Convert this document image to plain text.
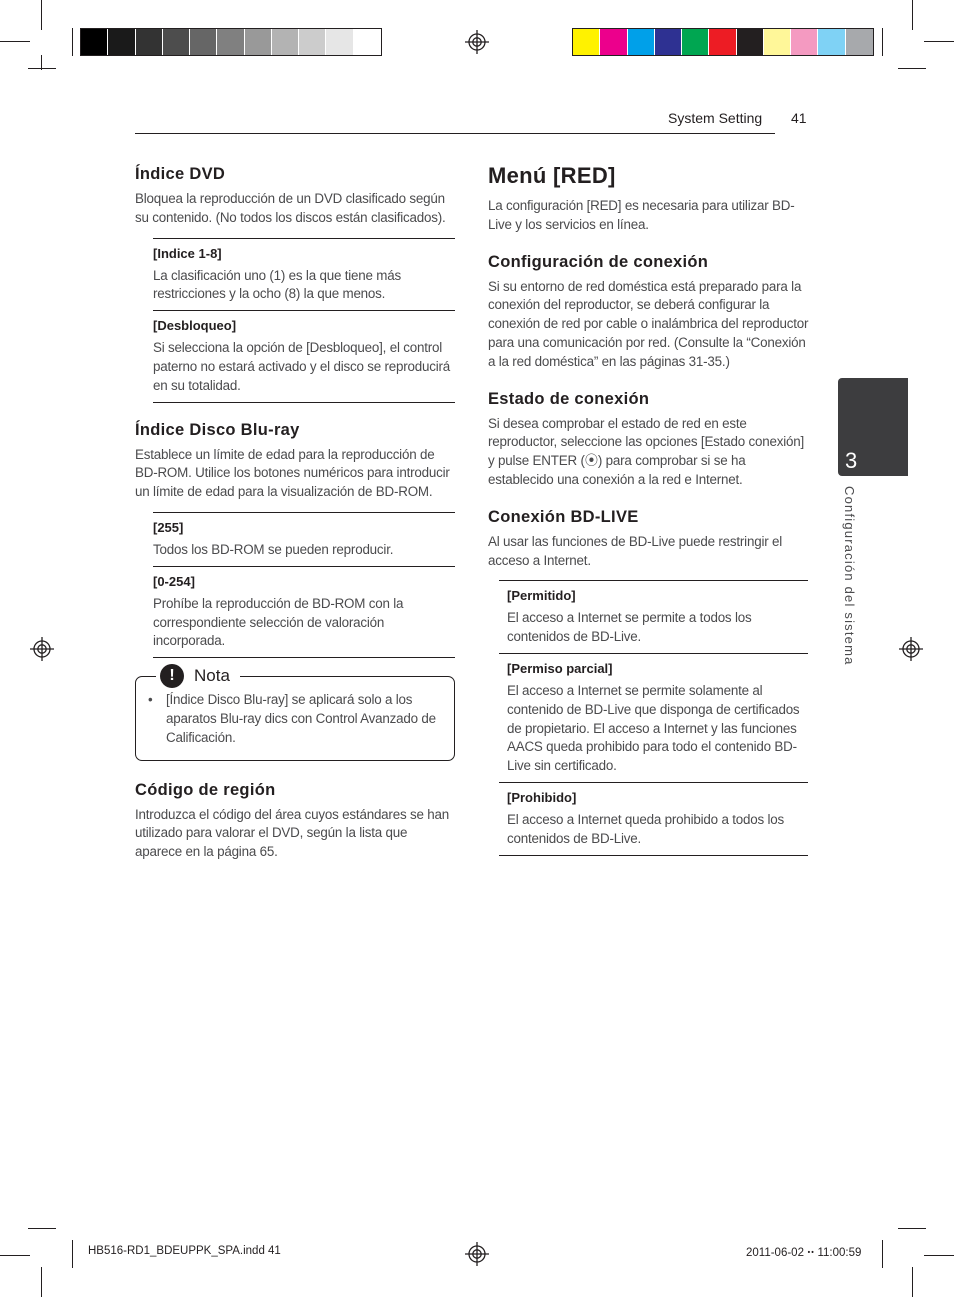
System Setting 41
3
Configuración del sistema
Índice DVD

Bloquea la reproducción de un DVD clasificado según su contenido. (No todos los discos están clasificados).

[Indice 1-8]
La clasificación uno (1) es la que tiene más restricciones y la ocho (8) la que menos.
[Desbloqueo]
Si selecciona la opción de [Desbloqueo], el control paterno no estará activado y el disco se reproducirá en su totalidad.
Índice Disco Blu-ray

Establece un límite de edad para la reproducción de BD-ROM. Utilice los botones numéricos para introducir un límite de edad para la visualización de BD-ROM.

[255]
Todos los BD-ROM se pueden reproducir.
[0-254]
Prohíbe la reproducción de BD-ROM con la correspondiente selección de valoración incorporada.
!	Nota
•	[Índice Disco Blu-ray] se aplicará solo a los aparatos Blu-ray dics con Control Avanzado de Calificación.
Código de región

Introduzca el código del área cuyos estándares se han utilizado para valorar el DVD, según la lista que aparece en la página 65.

Menú [RED]

La configuración [RED] es necesaria para utilizar BD-Live y los servicios en línea.

Configuración de conexión

Si su entorno de red doméstica está preparado para la conexión del reproductor, se deberá configurar la conexión de red por cable o inalámbrica del reproductor para una comunicación por red. (Consulte la “Conexión a la red doméstica” en las páginas 31-35.)

Estado de conexión

Si desea comprobar el estado de red en este reproductor, seleccione las opciones [Estado conexión] y pulse ENTER (⦿) para comprobar si se ha establecido una conexión a la red e Internet.

Conexión BD-LIVE

Al usar las funciones de BD-Live puede restringir el acceso a Internet.

[Permitido]
El acceso a Internet se permite a todos los contenidos de BD-Live.
[Permiso parcial]
El acceso a Internet se permite solamente al contenido de BD-Live que disponga de certificados de propietario. El acceso a Internet y las funciones AACS queda prohibido para todo el contenido BD-Live sin certificado.
[Prohibido]
El acceso a Internet queda prohibido a todos los contenidos de BD-Live.
HB516-RD1_BDEUPPK_SPA.indd 41	2011-06-02 ꞏꞏ 11:00:59
